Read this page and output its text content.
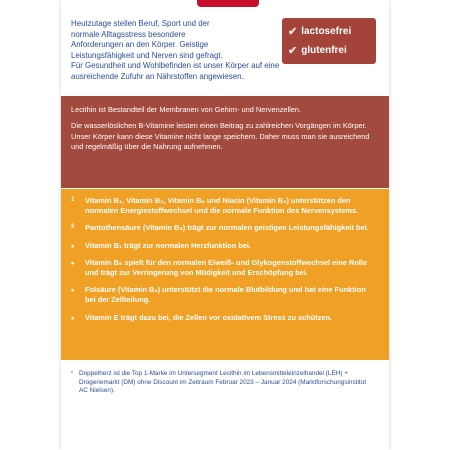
Heutzutage stellen Beruf, Sport und der

normale Alltagsstress besondere

Anforderungen an den Körper. Geistige

Leistungsfähigkeit und Nerven sind gefragt.

Für Gesundheit und Wohlbefinden ist unser Körper auf eine

ausreichende Zufuhr an Nährstoffen angewiesen.

✔ lactosefrei
✔ glutenfrei

Lecithin ist Bestandteil der Membranen von Gehirn- und Nervenzellen.

Die wasserlöslichen B-Vitamine leisten einen Beitrag zu zahlreichen Vorgängen im Körper. Unser Körper kann diese Vitamine nicht lange speichern. Daher muss man sie ausreichend und regelmäßig über die Nahrung aufnehmen.

1	Vitamin B₁, Vitamin B₂, Vitamin B₆ und Niacin (Vitamin B₃) unterstützen den normalen Energiestoffwechsel und die normale Funktion des Nervensystems.
2	Pantothensäure (Vitamin B₅) trägt zur normalen geistigen Leistungsfähigkeit bei.
•	Vitamin B₁ trägt zur normalen Herzfunktion bei.
•	Vitamin B₆ spielt für den normalen Eiweiß- und Glykogenstoffwechsel eine Rolle und trägt zur Verringerung von Müdigkeit und Erschöpfung bei.
•	Folsäure (Vitamin B₉) unterstützt die normale Blutbildung und hat eine Funktion bei der Zellteilung.
•	Vitamin E trägt dazu bei, die Zellen vor oxidativem Stress zu schützen.
* Doppelherz ist die Top 1-Marke im Untersegment Lecithin im Lebensmitteleinzelhandel (LEH) + Drogeriemarkt (DM) ohne Discount im Zeitraum Februar 2023 – Januar 2024 (Marktforschungsinstitut AC Nielsen).
